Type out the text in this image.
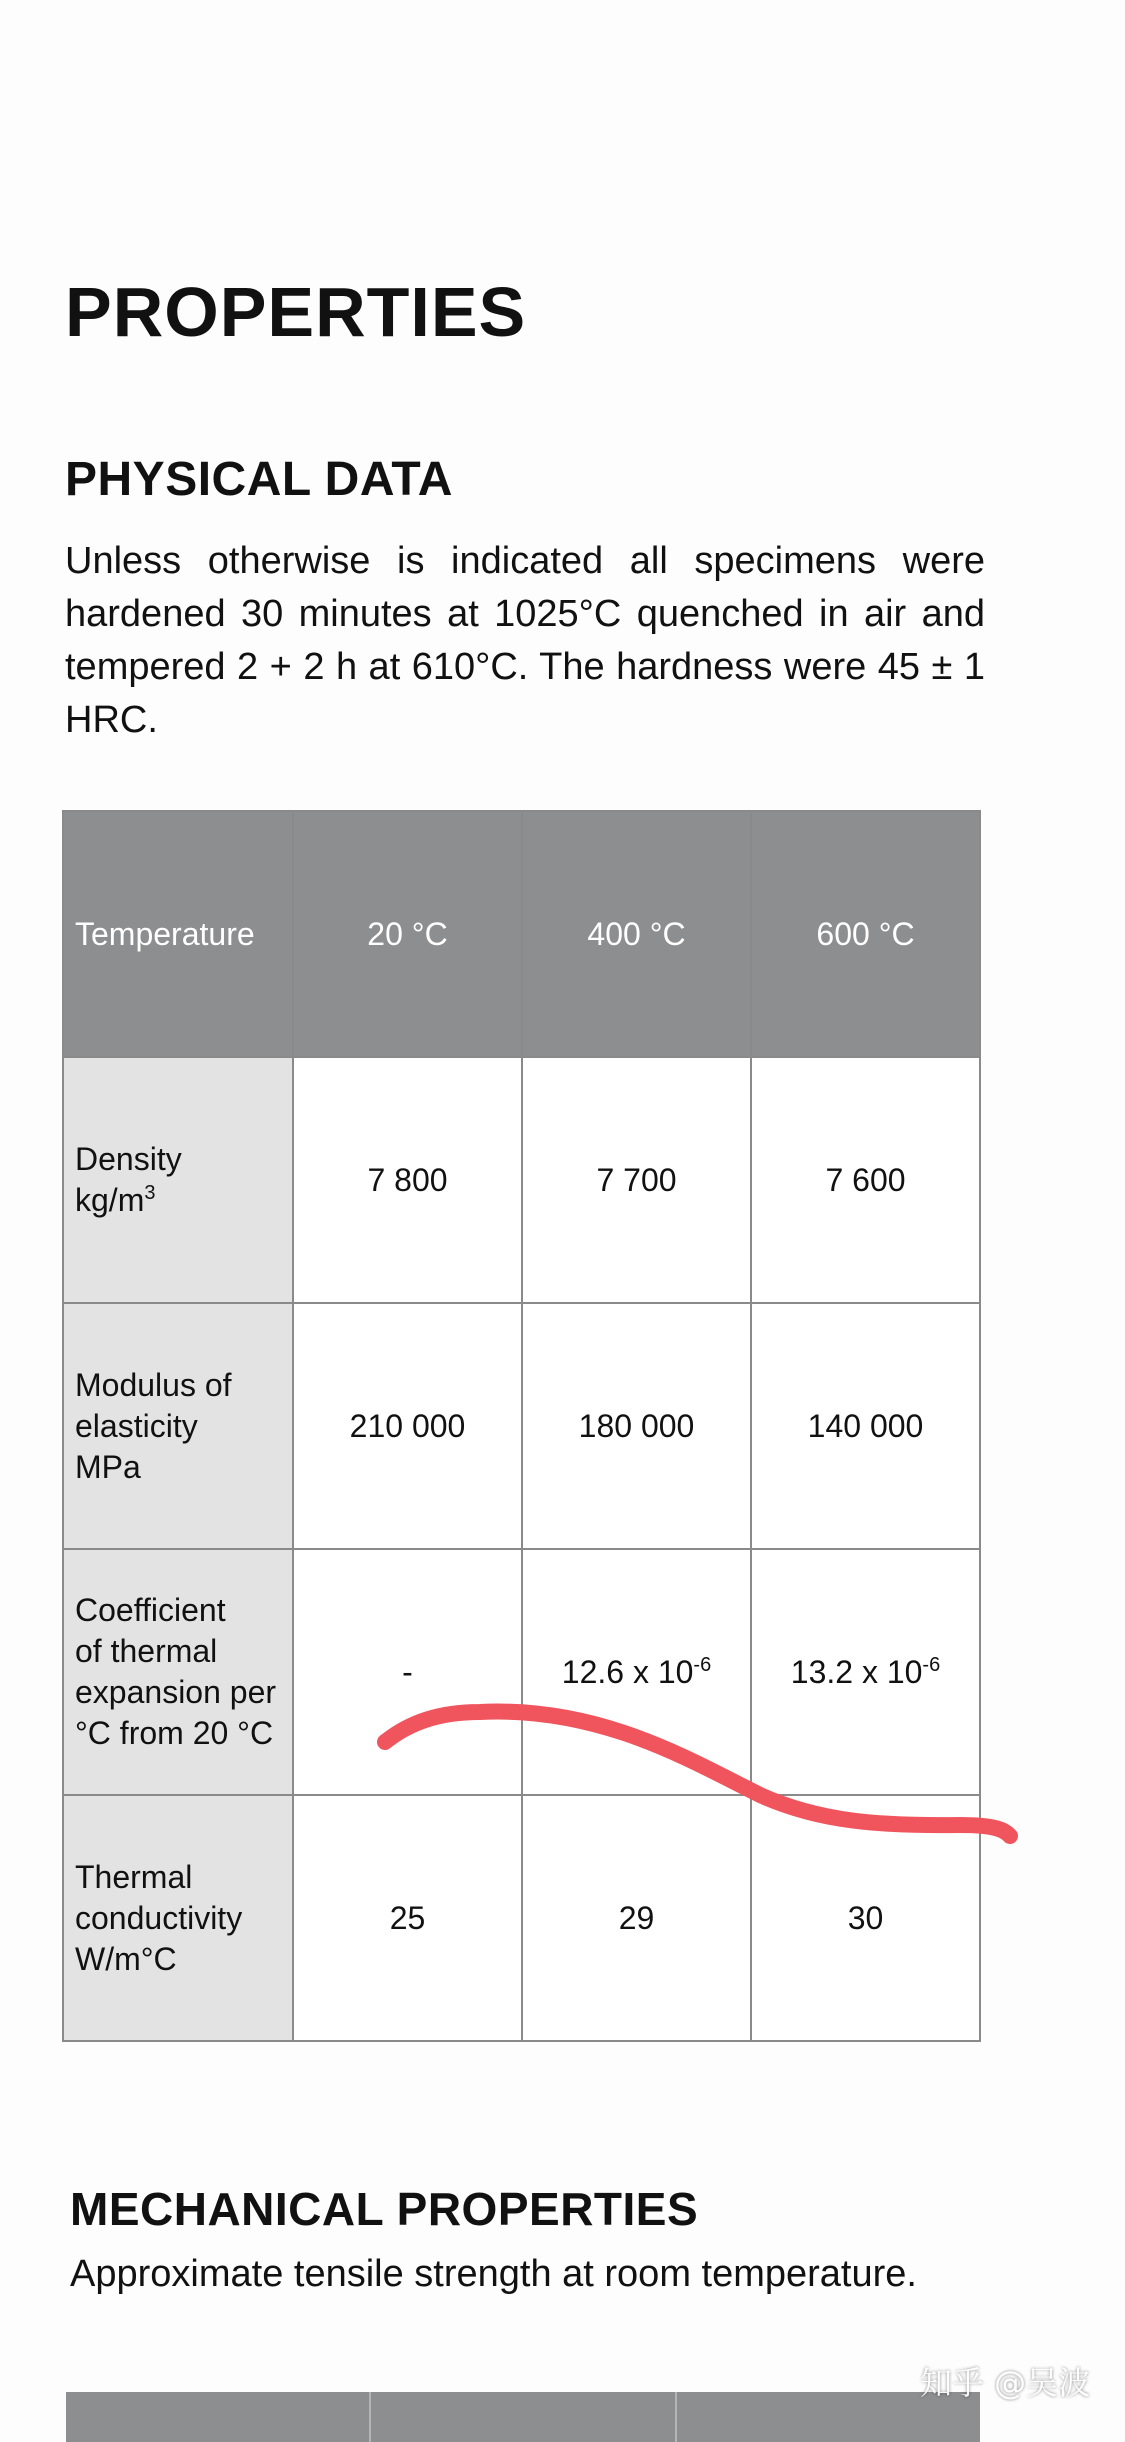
PROPERTIES
PHYSICAL DATA

Unless otherwise is indicated all specimens were hardened 30 minutes at 1025°C quenched in air and tempered 2 + 2 h at 610°C. The hardness were 45 ± 1 HRC.

Temperature	20 °C	400 °C	600 °C

Density
$kg/m^3$	7 800	7 700	7 600

Modulus of
elasticity
MPa	210 000	180 000	140 000

Coefficient
of thermal
expansion per
°C from 20 °C	-	12.6 x $10^{-6}$	13.2 x $10^{-6}$

Thermal
conductivity
W/m°C	25	29	30
MECHANICAL PROPERTIES

Approximate tensile strength at room temperature.

知乎 @吴波
